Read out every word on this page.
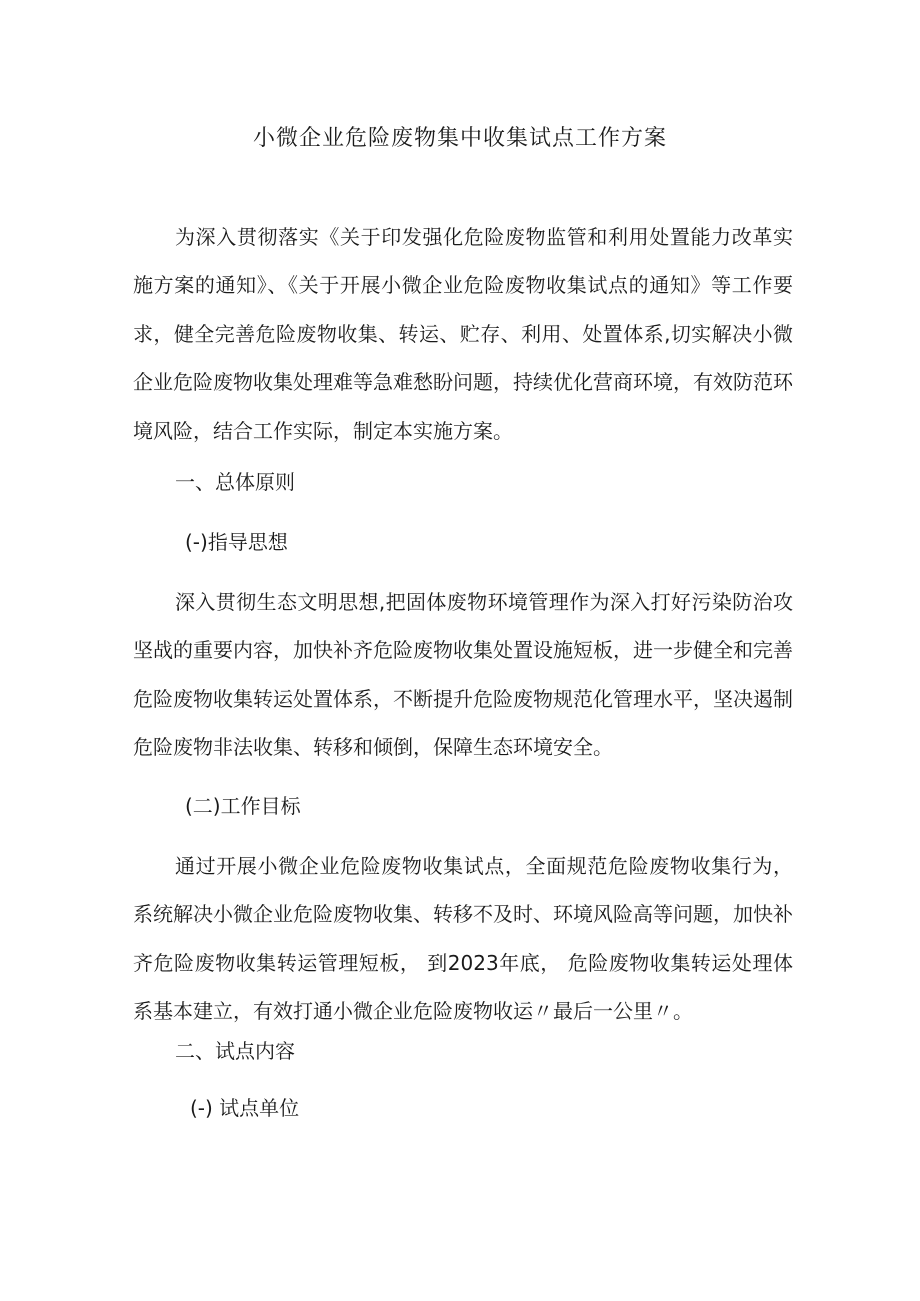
小微企业危险废物集中收集试点工作方案

为深入贯彻落实《关于印发强化危险废物监管和利用处置能力改革实施方案的通知》、《关于开展小微企业危险废物收集试点的通知》等工作要求，健全完善危险废物收集、转运、贮存、利用、处置体系,切实解决小微企业危险废物收集处理难等急难愁盼问题，持续优化营商环境，有效防范环境风险，结合工作实际，制定本实施方案。

一、总体原则

(-)指导思想

深入贯彻生态文明思想,把固体废物环境管理作为深入打好污染防治攻坚战的重要内容，加快补齐危险废物收集处置设施短板，进一步健全和完善危险废物收集转运处置体系，不断提升危险废物规范化管理水平，坚决遏制危险废物非法收集、转移和倾倒，保障生态环境安全。

(二)工作目标

通过开展小微企业危险废物收集试点，全面规范危险废物收集行为，系统解决小微企业危险废物收集、转移不及时、环境风险高等问题，加快补齐危险废物收集转运管理短板， 到2023年底， 危险废物收集转运处理体系基本建立，有效打通小微企业危险废物收运〃最后一公里〃。

二、试点内容

(-) 试点单位
